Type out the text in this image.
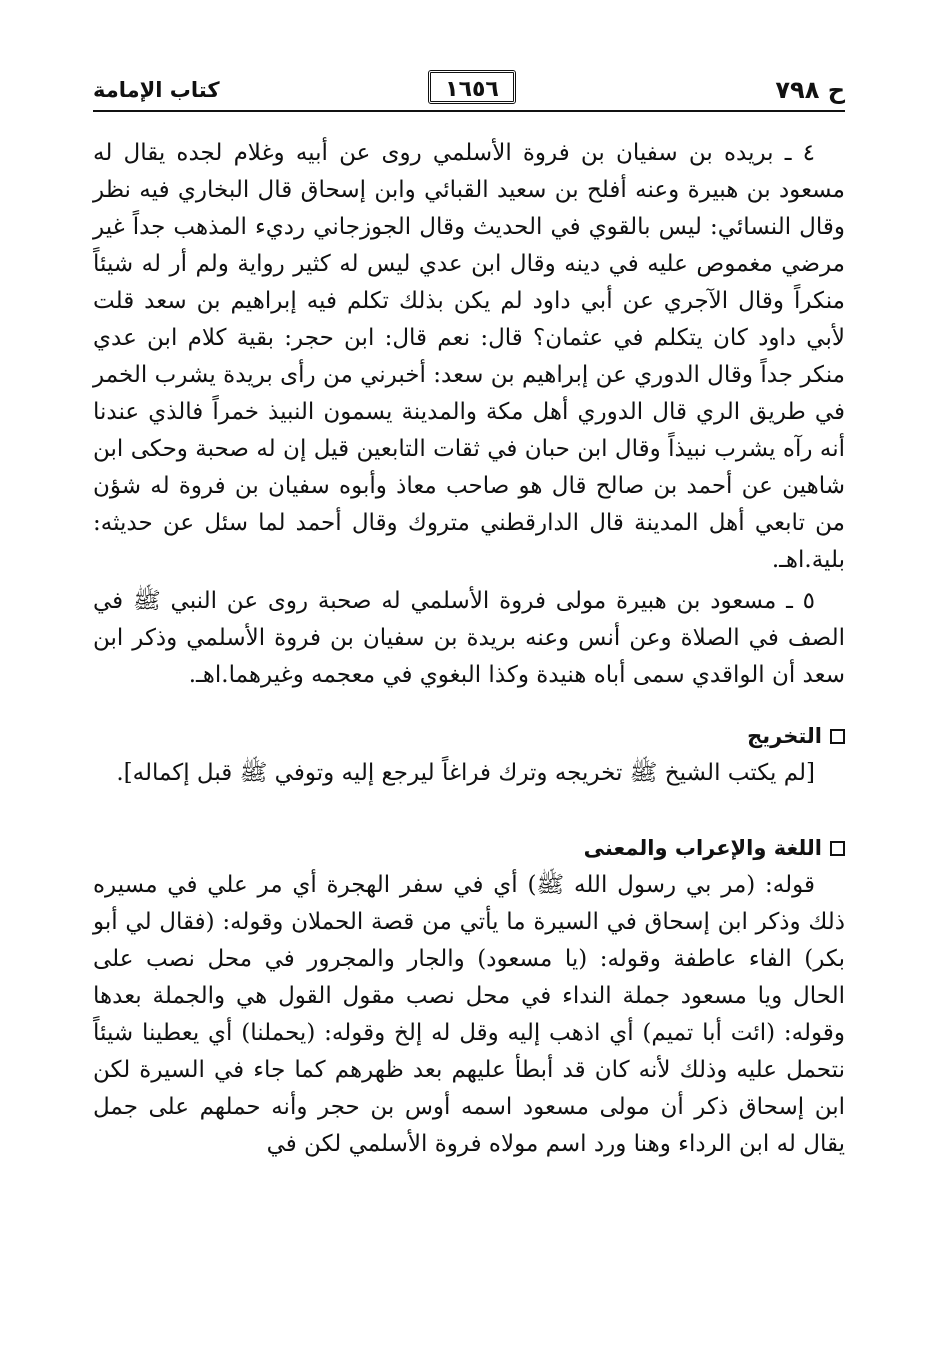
ح ٧٩٨
١٦٥٦
كتاب الإمامة

٤ ـ بريده بن سفيان بن فروة الأسلمي روى عن أبيه وغلام لجده يقال له مسعود بن هبيرة وعنه أفلح بن سعيد القبائي وابن إسحاق قال البخاري فيه نظر وقال النسائي: ليس بالقوي في الحديث وقال الجوزجاني رديء المذهب جداً غير مرضي مغموص عليه في دينه وقال ابن عدي ليس له كثير رواية ولم أر له شيئاً منكراً وقال الآجري عن أبي داود لم يكن بذلك تكلم فيه إبراهيم بن سعد قلت لأبي داود كان يتكلم في عثمان؟ قال: نعم قال: ابن حجر: بقية كلام ابن عدي منكر جداً وقال الدوري عن إبراهيم بن سعد: أخبرني من رأى بريدة يشرب الخمر في طريق الري قال الدوري أهل مكة والمدينة يسمون النبيذ خمراً فالذي عندنا أنه رآه يشرب نبيذاً وقال ابن حبان في ثقات التابعين قيل إن له صحبة وحكى ابن شاهين عن أحمد بن صالح قال هو صاحب معاذ وأبوه سفيان بن فروة له شؤن من تابعي أهل المدينة قال الدارقطني متروك وقال أحمد لما سئل عن حديثه: بلية.اهـ.

٥ ـ مسعود بن هبيرة مولى فروة الأسلمي له صحبة روى عن النبي ﷺ في الصف في الصلاة وعن أنس وعنه بريدة بن سفيان بن فروة الأسلمي وذكر ابن سعد أن الواقدي سمى أباه هنيدة وكذا البغوي في معجمه وغيرهما.اهـ.

التخريج

[لم يكتب الشيخ ﷺ تخريجه وترك فراغاً ليرجع إليه وتوفي ﷺ قبل إكماله].

اللغة والإعراب والمعنى

قوله: (مر بي رسول الله ﷺ) أي في سفر الهجرة أي مر علي في مسيره ذلك وذكر ابن إسحاق في السيرة ما يأتي من قصة الحملان وقوله: (فقال لي أبو بكر) الفاء عاطفة وقوله: (يا مسعود) والجار والمجرور في محل نصب على الحال ويا مسعود جملة النداء في محل نصب مقول القول هي والجملة بعدها وقوله: (ائت أبا تميم) أي اذهب إليه وقل له إلخ وقوله: (يحملنا) أي يعطينا شيئاً نتحمل عليه وذلك لأنه كان قد أبطأ عليهم بعد ظهرهم كما جاء في السيرة لكن ابن إسحاق ذكر أن مولى مسعود اسمه أوس بن حجر وأنه حملهم على جمل يقال له ابن الرداء وهنا ورد اسم مولاه فروة الأسلمي لكن في
